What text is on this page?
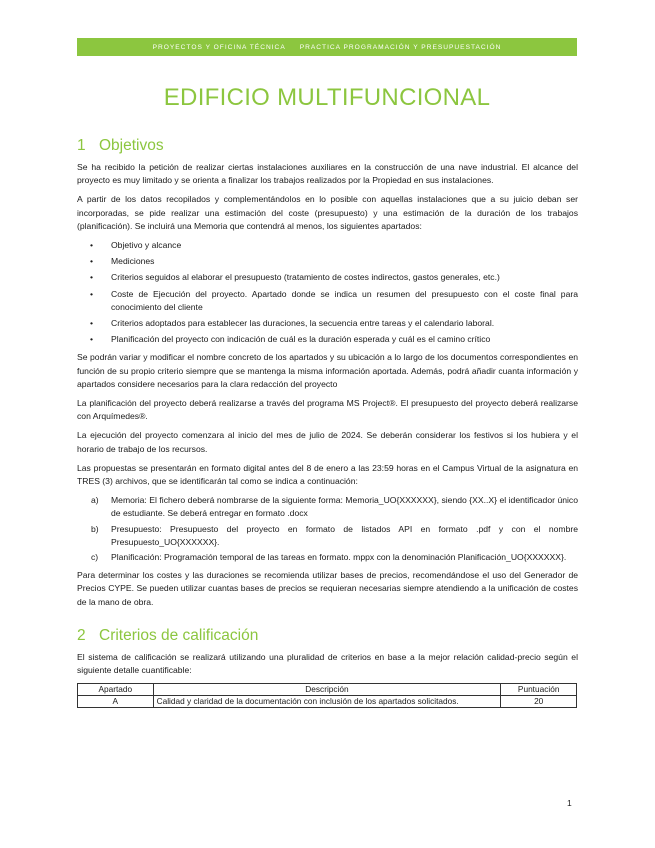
PROYECTOS Y OFICINA TÉCNICA PRACTICA PROGRAMACIÓN Y PRESUPUESTACIÓN
EDIFICIO MULTIFUNCIONAL
1 Objetivos

Se ha recibido la petición de realizar ciertas instalaciones auxiliares en la construcción de una nave industrial. El alcance del proyecto es muy limitado y se orienta a finalizar los trabajos realizados por la Propiedad en sus instalaciones.

A partir de los datos recopilados y complementándolos en lo posible con aquellas instalaciones que a su juicio deban ser incorporadas, se pide realizar una estimación del coste (presupuesto) y una estimación de la duración de los trabajos (planificación). Se incluirá una Memoria que contendrá al menos, los siguientes apartados:

• Objetivo y alcance
• Mediciones
• Criterios seguidos al elaborar el presupuesto (tratamiento de costes indirectos, gastos generales, etc.)
• Coste de Ejecución del proyecto. Apartado donde se indica un resumen del presupuesto con el coste final para conocimiento del cliente
• Criterios adoptados para establecer las duraciones, la secuencia entre tareas y el calendario laboral.
• Planificación del proyecto con indicación de cuál es la duración esperada y cuál es el camino crítico

Se podrán variar y modificar el nombre concreto de los apartados y su ubicación a lo largo de los documentos correspondientes en función de su propio criterio siempre que se mantenga la misma información aportada. Además, podrá añadir cuanta información y apartados considere necesarios para la clara redacción del proyecto

La planificación del proyecto deberá realizarse a través del programa MS Project®. El presupuesto del proyecto deberá realizarse con Arquímedes®.

La ejecución del proyecto comenzara al inicio del mes de julio de 2024. Se deberán considerar los festivos si los hubiera y el horario de trabajo de los recursos.

Las propuestas se presentarán en formato digital antes del 8 de enero a las 23:59 horas en el Campus Virtual de la asignatura en TRES (3) archivos, que se identificarán tal como se indica a continuación:

a) Memoria: El fichero deberá nombrarse de la siguiente forma: Memoria_UO{XXXXXX}, siendo {XX..X} el identificador único de estudiante. Se deberá entregar en formato .docx
b) Presupuesto: Presupuesto del proyecto en formato de listados API en formato .pdf y con el nombre Presupuesto_UO{XXXXXX}.
c) Planificación: Programación temporal de las tareas en formato. mppx con la denominación Planificación_UO{XXXXXX}.

Para determinar los costes y las duraciones se recomienda utilizar bases de precios, recomendándose el uso del Generador de Precios CYPE. Se pueden utilizar cuantas bases de precios se requieran necesarias siempre atendiendo a la unificación de costes de la mano de obra.

2 Criterios de calificación

El sistema de calificación se realizará utilizando una pluralidad de criterios en base a la mejor relación calidad-precio según el siguiente detalle cuantificable:

Apartado	Descripción	Puntuación
A	Calidad y claridad de la documentación con inclusión de los apartados solicitados.	20
1
